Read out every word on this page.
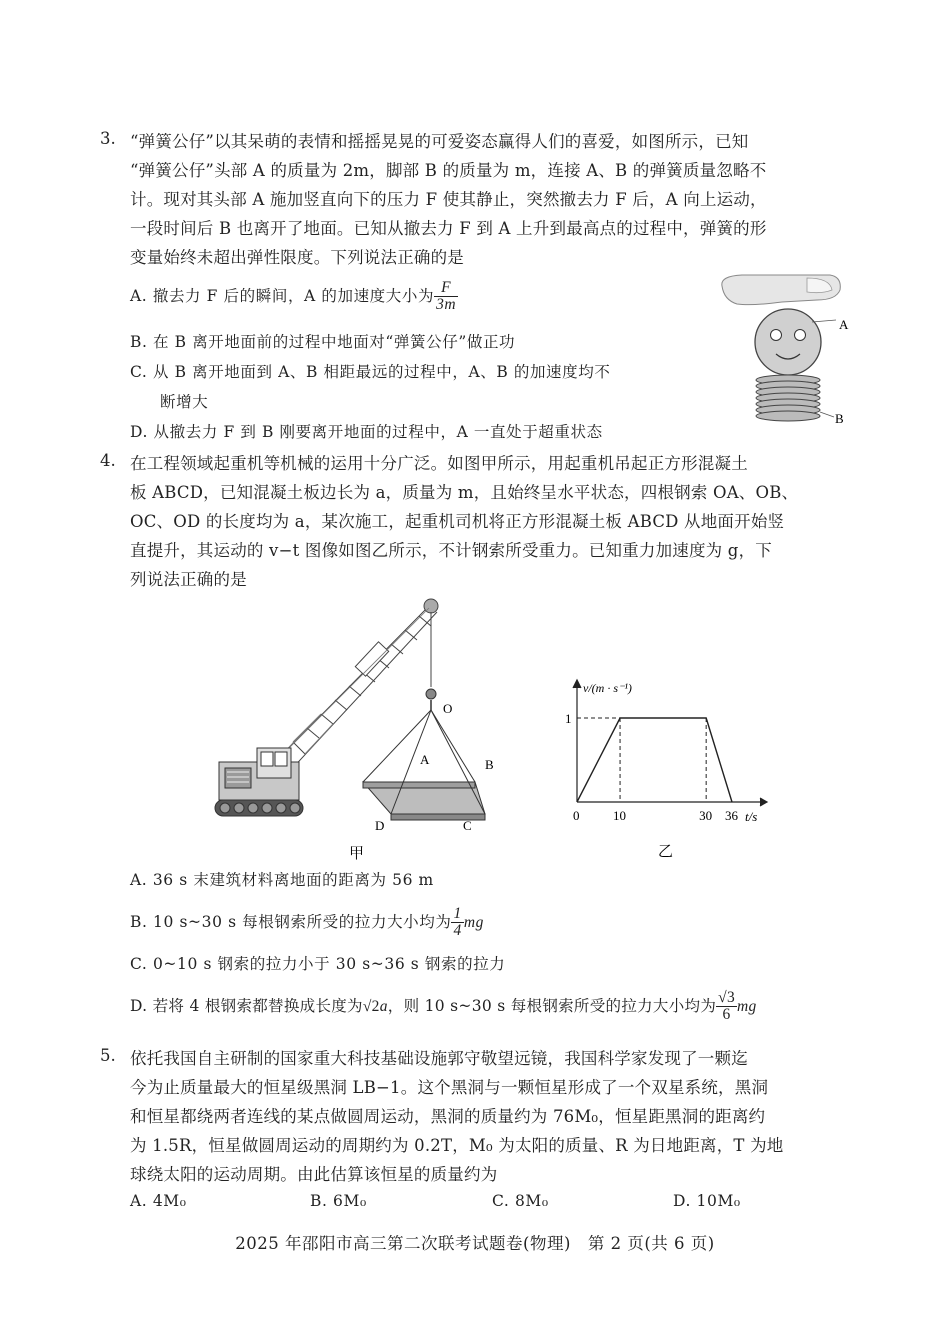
3. “弹簧公仔”以其呆萌的表情和摇摇晃晃的可爱姿态赢得人们的喜爱，如图所示，已知
“弹簧公仔”头部 A 的质量为 2m，脚部 B 的质量为 m，连接 A、B 的弹簧质量忽略不
计。现对其头部 A 施加竖直向下的压力 F 使其静止，突然撤去力 F 后，A 向上运动，
一段时间后 B 也离开了地面。已知从撤去力 F 到 A 上升到最高点的过程中，弹簧的形
变量始终未超出弹性限度。下列说法正确的是
A. 撤去力 F 后的瞬间，A 的加速度大小为 $\frac{F}{3m}$
B. 在 B 离开地面前的过程中地面对“弹簧公仔”做正功
C. 从 B 离开地面到 A、B 相距最远的过程中，A、B 的加速度均不
断增大
D. 从撤去力 F 到 B 刚要离开地面的过程中，A 一直处于超重状态
A
B
4. 在工程领域起重机等机械的运用十分广泛。如图甲所示，用起重机吊起正方形混凝土
板 ABCD，已知混凝土板边长为 a，质量为 m，且始终呈水平状态，四根钢索 OA、OB、
OC、OD 的长度均为 a，某次施工，起重机司机将正方形混凝土板 ABCD 从地面开始竖
直提升，其运动的 v−t 图像如图乙所示，不计钢索所受重力。已知重力加速度为 g，下
列说法正确的是
O
A	B
C
D
甲
v/(m · s⁻¹)
t/s
0	10	30 36
1
乙
A. 36 s 末建筑材料离地面的距离为 56 m
B. 10 s~30 s 每根钢索所受的拉力大小均为 $\frac{1}{4}$ mg
C. 0~10 s 钢索的拉力小于 30 s~36 s 钢索的拉力
D. 若将 4 根钢索都替换成长度为√2a，则 10 s~30 s 每根钢索所受的拉力大小均为 $\frac{√3}{6}$ mg
5. 依托我国自主研制的国家重大科技基础设施郭守敬望远镜，我国科学家发现了一颗迄
今为止质量最大的恒星级黑洞 LB−1。这个黑洞与一颗恒星形成了一个双星系统，黑洞
和恒星都绕两者连线的某点做圆周运动，黑洞的质量约为 76M₀，恒星距黑洞的距离约
为 1.5R，恒星做圆周运动的周期约为 0.2T，M₀ 为太阳的质量、R 为日地距离，T 为地
球绕太阳的运动周期。由此估算该恒星的质量约为
A. 4M₀	B. 6M₀	C. 8M₀	D. 10M₀
2025 年邵阳市高三第二次联考试题卷(物理)　第 2 页(共 6 页)
